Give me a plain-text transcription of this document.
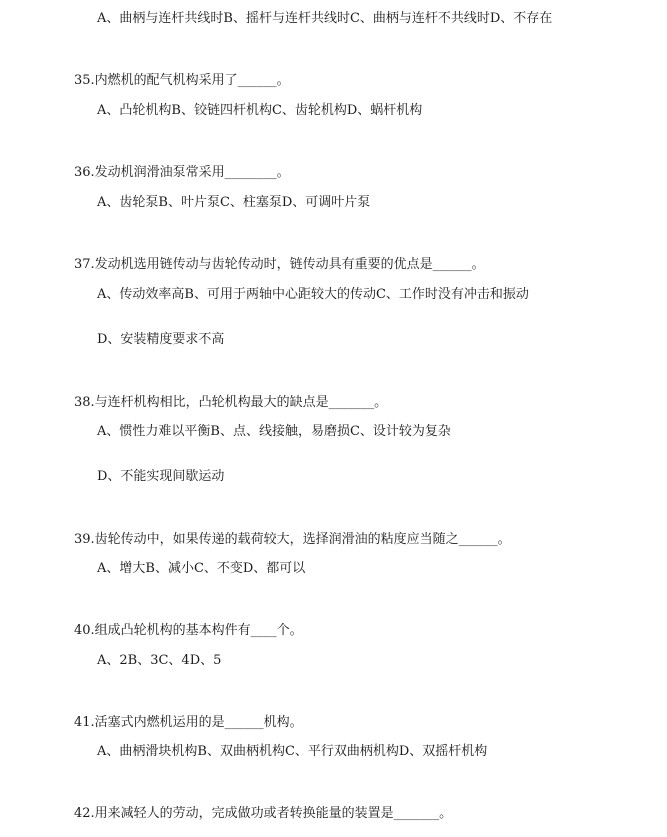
A、曲柄与连杆共线时B、摇杆与连杆共线时C、曲柄与连杆不共线时D、不存在
35.内燃机的配气机构采用了______。
A、凸轮机构B、铰链四杆机构C、齿轮机构D、蜗杆机构
36.发动机润滑油泵常采用________。
A、齿轮泵B、叶片泵C、柱塞泵D、可调叶片泵
37.发动机选用链传动与齿轮传动时，链传动具有重要的优点是______。
A、传动效率高B、可用于两轴中心距较大的传动C、工作时没有冲击和振动
D、安装精度要求不高
38.与连杆机构相比，凸轮机构最大的缺点是_______。
A、惯性力难以平衡B、点、线接触，易磨损C、设计较为复杂
D、不能实现间歇运动
39.齿轮传动中，如果传递的载荷较大，选择润滑油的粘度应当随之______。
A、增大B、减小C、不变D、都可以
40.组成凸轮机构的基本构件有____个。
A、2B、3C、4D、5
41.活塞式内燃机运用的是______机构。
A、曲柄滑块机构B、双曲柄机构C、平行双曲柄机构D、双摇杆机构
42.用来减轻人的劳动，完成做功或者转换能量的装置是_______。
